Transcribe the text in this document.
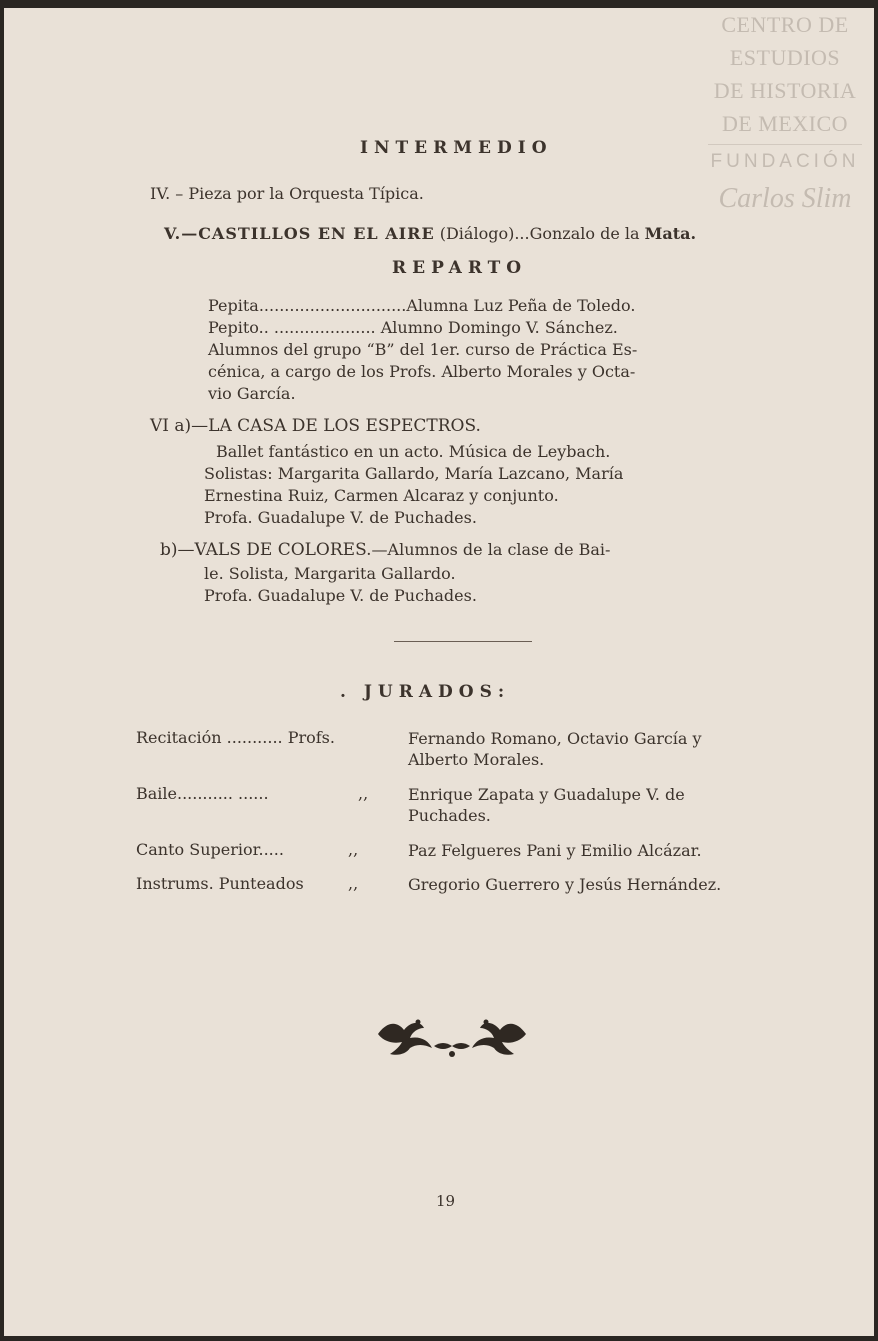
CENTRO DE
ESTUDIOS
DE HISTORIA
DE MEXICO
FUNDACIÓN
Carlos Slim
INTERMEDIO
IV. – Pieza por la Orquesta Típica.
V.—CASTILLOS EN EL AIRE (Diálogo)...Gonzalo de la Mata.
REPARTO
Pepita.............................Alumna Luz Peña de Toledo.
Pepito.. .................... Alumno Domingo V. Sánchez.
Alumnos del grupo “B” del 1er. curso de Práctica Es-
cénica, a cargo de los Profs. Alberto Morales y Octa-
vio García.
VI a)—LA CASA DE LOS ESPECTROS.
Ballet fantástico en un acto. Música de Leybach.
Solistas: Margarita Gallardo, María Lazcano, María
Ernestina Ruiz, Carmen Alcaraz y conjunto.
Profa. Guadalupe V. de Puchades.
b)—VALS DE COLORES.—Alumnos de la clase de Bai-
le. Solista, Margarita Gallardo.
Profa. Guadalupe V. de Puchades.
. JURADOS:
Recitación ........... Profs.	Fernando Romano, Octavio García y
Alberto Morales.
Baile........... ......	,, Enrique Zapata y Guadalupe V. de
Puchades.
Canto Superior.....	,,	Paz Felgueres Pani y Emilio Alcázar.
Instrums. Punteados	,,	Gregorio Guerrero y Jesús Hernández.
19
